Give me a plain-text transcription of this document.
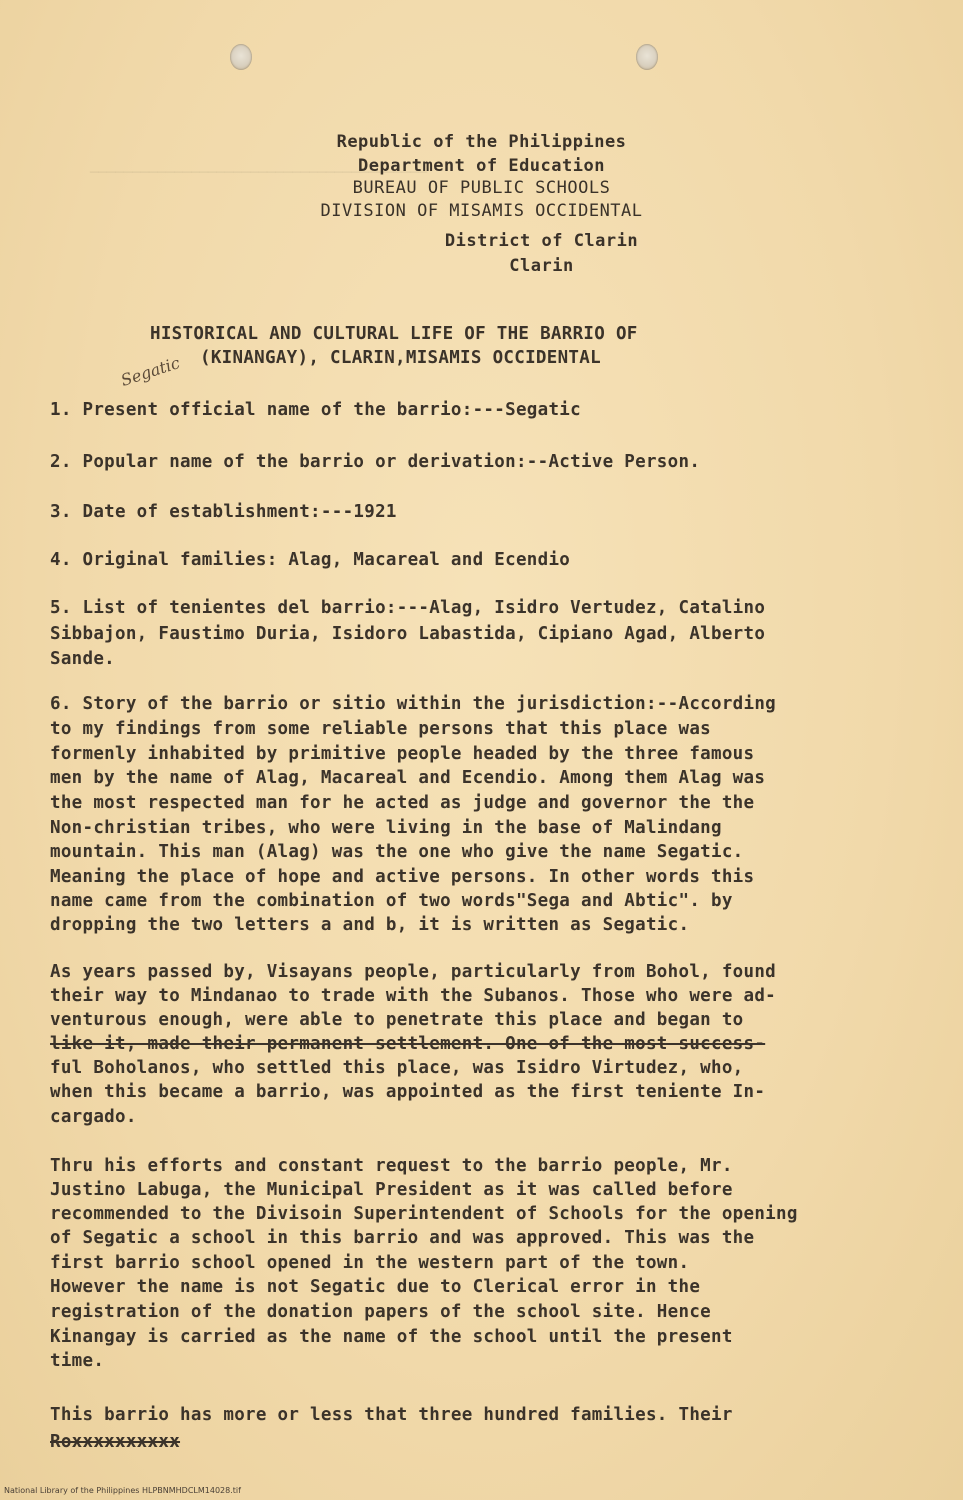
────────────────────────────────────────
Republic of the Philippines
Department of Education
BUREAU OF PUBLIC SCHOOLS
DIVISION OF MISAMIS OCCIDENTAL
District of Clarin
Clarin
HISTORICAL AND CULTURAL LIFE OF THE BARRIO OF
(KINANGAY), CLARIN,MISAMIS OCCIDENTAL
Segatic
1. Present official name of the barrio:---Segatic
2. Popular name of the barrio or derivation:--Active Person.
3. Date of establishment:---1921
4. Original families: Alag, Macareal and Ecendio
5. List of tenientes del barrio:---Alag, Isidro Vertudez, Catalino
Sibbajon, Faustimo Duria, Isidoro Labastida, Cipiano Agad, Alberto
Sande.
6. Story of the barrio or sitio within the jurisdiction:--According
to my findings from some reliable persons that this place was
formenly inhabited by primitive people headed by the three famous
men by the name of Alag, Macareal and Ecendio. Among them Alag was
the most respected man for he acted as judge and governor the the
Non-christian tribes, who were living in the base of Malindang
mountain. This man (Alag) was the one who give the name Segatic.
Meaning the place of hope and active persons. In other words this
name came from the combination of two words"Sega and Abtic". by
dropping the two letters a and b, it is written as Segatic.
As years passed by, Visayans people, particularly from Bohol, found
their way to Mindanao to trade with the Subanos. Those who were ad-
venturous enough, were able to penetrate this place and began to
like it, made their permanent settlement. One of the most success-
ful Boholanos, who settled this place, was Isidro Virtudez, who,
when this became a barrio, was appointed as the first teniente In-
cargado.
Thru his efforts and constant request to the barrio people, Mr.
Justino Labuga, the Municipal President as it was called before
recommended to the Divisoin Superintendent of Schools for the opening
of Segatic a school in this barrio and was approved. This was the
first barrio school opened in the western part of the town.
However the name is not Segatic due to Clerical error in the
registration of the donation papers of the school site. Hence
Kinangay is carried as the name of the school until the present
time.
This barrio has more or less that three hundred families. Their
Roxxxxxxxxxx
National Library of the Philippines HLPBNMHDCLM14028.tif
